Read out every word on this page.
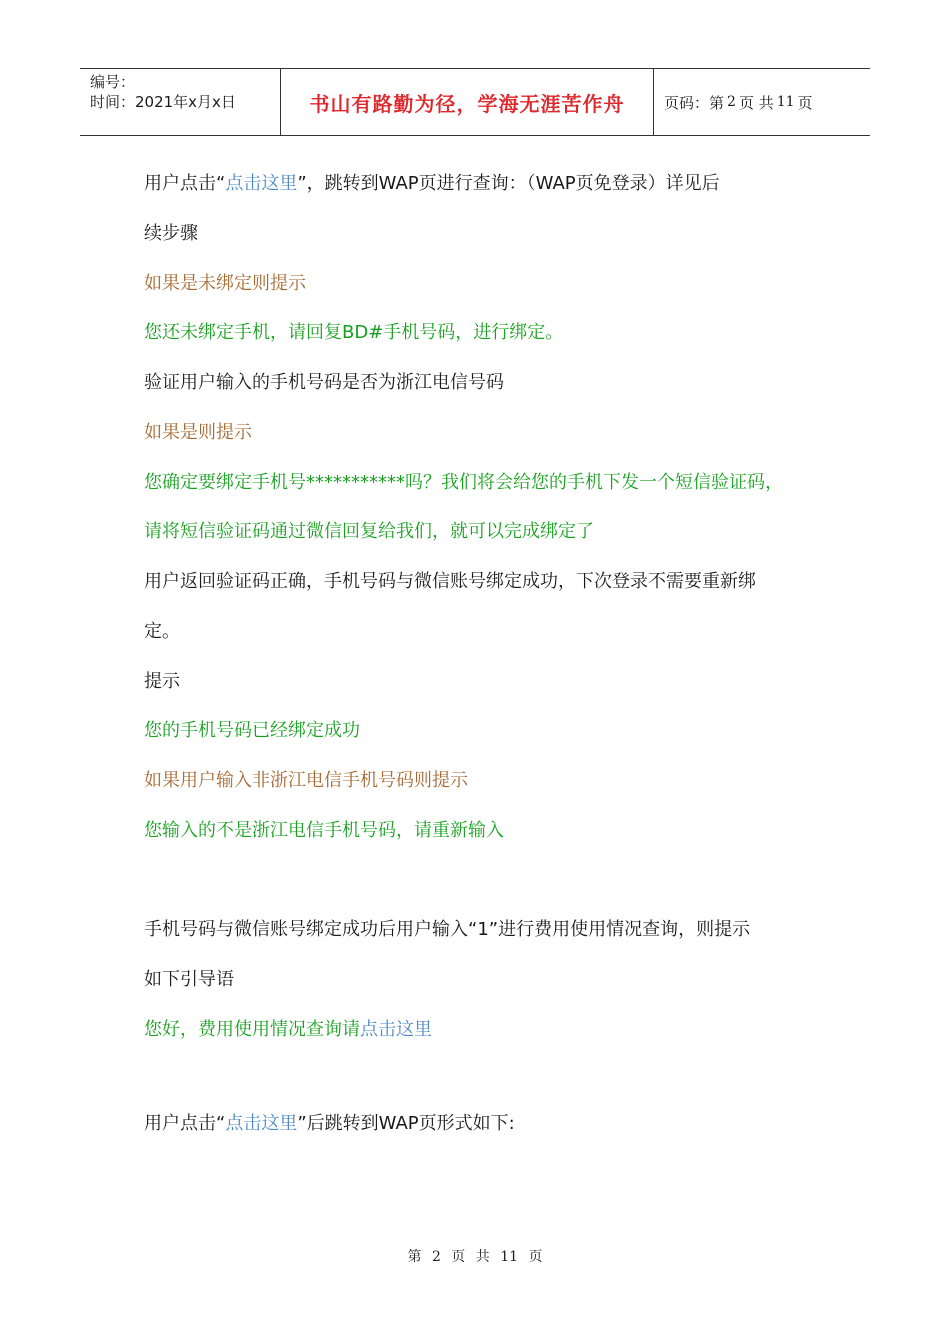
编号：
时间：2021年x月x日	书山有路勤为径，学海无涯苦作舟	页码：第 2 页 共 11 页
用户点击“点击这里”，跳转到WAP页进行查询：（WAP页免登录）详见后
续步骤
如果是未绑定则提示
您还未绑定手机，请回复BD#手机号码，进行绑定。
验证用户输入的手机号码是否为浙江电信号码
如果是则提示
您确定要绑定手机号***********吗？我们将会给您的手机下发一个短信验证码，
请将短信验证码通过微信回复给我们，就可以完成绑定了
用户返回验证码正确，手机号码与微信账号绑定成功，下次登录不需要重新绑
定。
提示
您的手机号码已经绑定成功
如果用户输入非浙江电信手机号码则提示
您输入的不是浙江电信手机号码，请重新输入
手机号码与微信账号绑定成功后用户输入“1”进行费用使用情况查询，则提示
如下引导语
您好，费用使用情况查询请点击这里
用户点击“点击这里”后跳转到WAP页形式如下:
第 2 页 共 11 页
